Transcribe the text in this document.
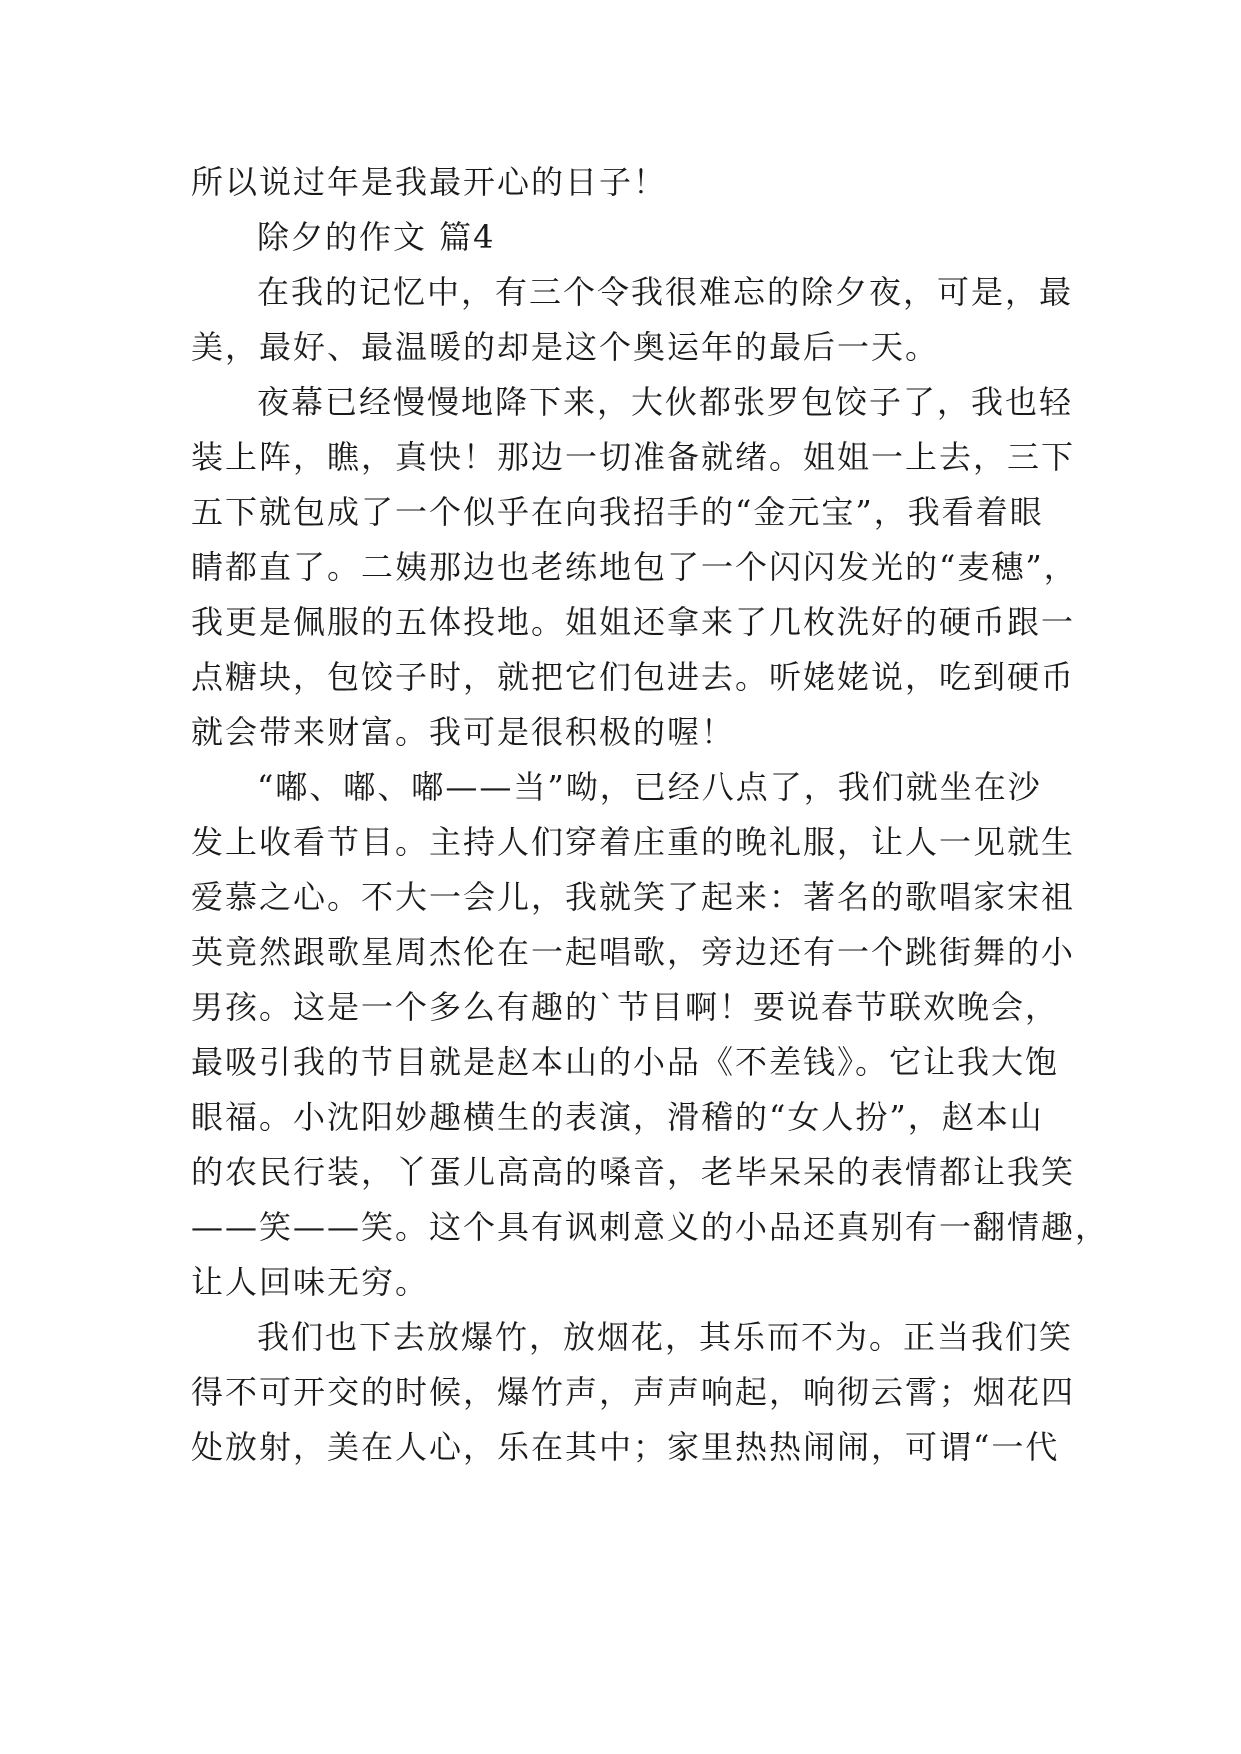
所以说过年是我最开心的日子！
除夕的作文 篇4
在我的记忆中，有三个令我很难忘的除夕夜，可是，最
美，最好、最温暖的却是这个奥运年的最后一天。
夜幕已经慢慢地降下来，大伙都张罗包饺子了，我也轻
装上阵，瞧，真快！那边一切准备就绪。姐姐一上去，三下
五下就包成了一个似乎在向我招手的“金元宝”，我看着眼
睛都直了。二姨那边也老练地包了一个闪闪发光的“麦穗”，
我更是佩服的五体投地。姐姐还拿来了几枚洗好的硬币跟一
点糖块，包饺子时，就把它们包进去。听姥姥说，吃到硬币
就会带来财富。我可是很积极的喔！
“嘟、嘟、嘟——当”呦，已经八点了，我们就坐在沙
发上收看节目。主持人们穿着庄重的晚礼服，让人一见就生
爱慕之心。不大一会儿，我就笑了起来：著名的歌唱家宋祖
英竟然跟歌星周杰伦在一起唱歌，旁边还有一个跳街舞的小
男孩。这是一个多么有趣的`节目啊！要说春节联欢晚会，
最吸引我的节目就是赵本山的小品《不差钱》。它让我大饱
眼福。小沈阳妙趣横生的表演，滑稽的“女人扮”，赵本山
的农民行装，丫蛋儿高高的嗓音，老毕呆呆的表情都让我笑
——笑——笑。这个具有讽刺意义的小品还真别有一翻情趣，
让人回味无穷。
我们也下去放爆竹，放烟花，其乐而不为。正当我们笑
得不可开交的时候，爆竹声，声声响起，响彻云霄；烟花四
处放射，美在人心，乐在其中；家里热热闹闹，可谓“一代
